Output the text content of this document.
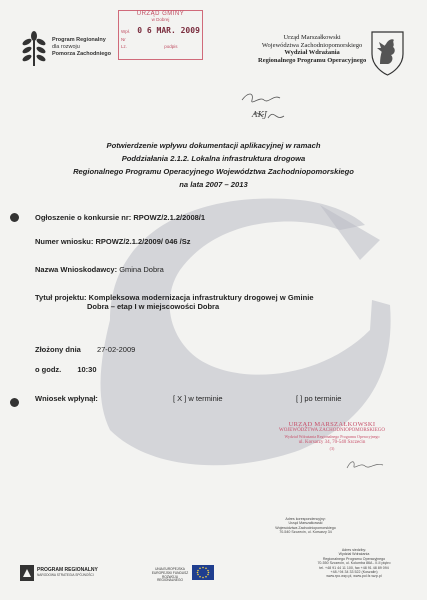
Program Regionalny
dla rozwoju
Pomorza Zachodniego
URZĄD GMINY
w Dobrej
Wpł. 0 6 MAR. 2009
Nr
Lz.	podpis
Urząd Marszałkowski
Województwa Zachodniopomorskiego
Wydział Wdrażania
Regionalnego Programu Operacyjnego
AKJ
Potwierdzenie wpływu dokumentacji aplikacyjnej w ramach
Poddziałania 2.1.2. Lokalna infrastruktura drogowa
Regionalnego Programu Operacyjnego Województwa Zachodniopomorskiego
na lata 2007 – 2013
Ogłoszenie o konkursie nr: RPOWZ/2.1.2/2008/1
Numer wniosku: RPOWZ/2.1.2/2009/ 046 /Sz
Nazwa Wnioskodawcy: Gmina Dobra
Tytuł projektu: Kompleksowa modernizacja infrastruktury drogowej w Gminie
Dobra – etap I w miejscowości Dobra
Złożony dnia 27-02-2009
o godz. 10:30
Wniosek wpłynął:	[ X ] w terminie	[ ] po terminie
URZĄD MARSZAŁKOWSKI
WOJEWÓDZTWA ZACHODNIOPOMORSKIEGO
Wydział Wdrażania Regionalnego Programu Operacyjnego
ul. Korsarzy 34, 70-540 Szczecin
(3)
Adres korespondencyjny:
Urząd Marszałkowski
Województwa Zachodniopomorskiego
70-540 Szczecin, ul. Korsarzy 34
Adres siedziby:
Wydział Wdrażania
Regionalnego Programu Operacyjnego
70-550 Szczecin, ul. Kolumba 86A - II-II piętro
tel. +48 91 44 11 100, fax +48 91 48 89 094
+48 / 94 34 33 522 (Koszalin)
www.rpo.wzp.pl, www.pol.fz.wzp.pl
PROGRAM REGIONALNY
NARODOWA STRATEGIA SPÓJNOŚCI
UNIA EUROPEJSKA
EUROPEJSKI FUNDUSZ
ROZWOJU REGIONALNEGO
